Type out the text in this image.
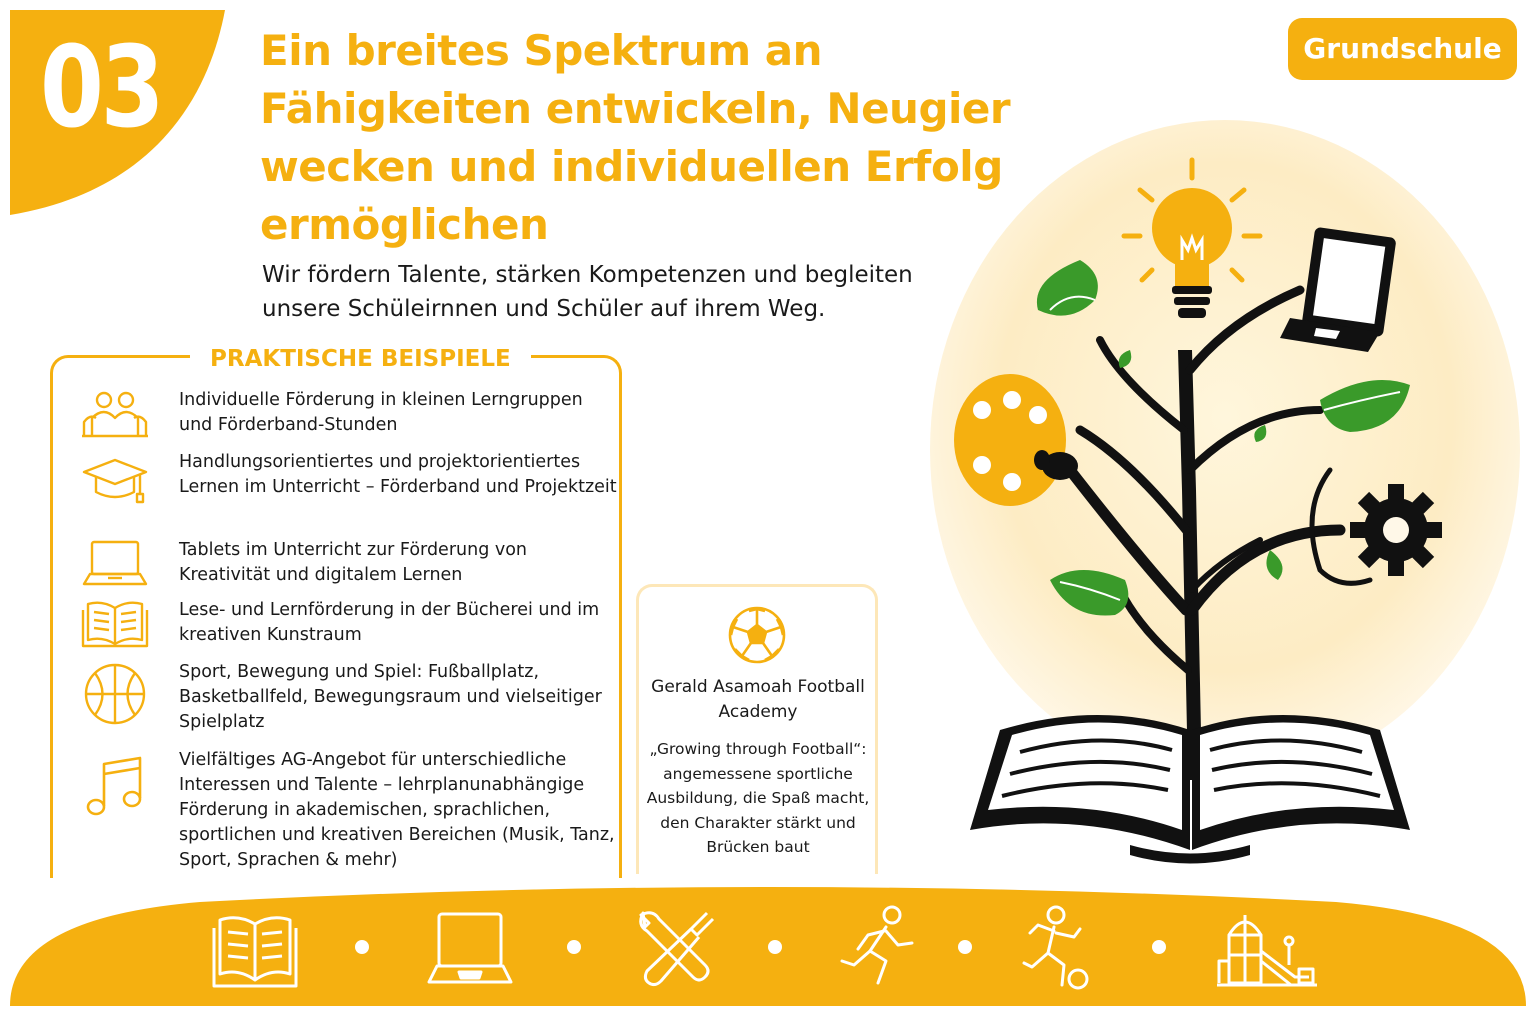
03 Ein breites Spektrum an Fähigkeiten entwickeln, Neugier wecken und individuellen Erfolg ermöglichen

Wir fördern Talente, stärken Kompetenzen und begleiten unsere Schüleirnnen und Schüler auf ihrem Weg.

Grundschule
PRAKTISCHE BEISPIELE

Individuelle Förderung in kleinen Lerngruppen und Förderband-Stunden

Handlungsorientiertes und projektorientiertes Lernen im Unterricht – Förderband und Projektzeit

Tablets im Unterricht zur Förderung von Kreativität und digitalem Lernen

Lese- und Lernförderung in der Bücherei und im kreativen Kunstraum

Sport, Bewegung und Spiel: Fußballplatz, Basketballfeld, Bewegungsraum und vielseitiger Spielplatz

Vielfältiges AG-Angebot für unterschiedliche Interessen und Talente – lehrplanunabhängige Förderung in akademischen, sprachlichen, sportlichen und kreativen Bereichen (Musik, Tanz, Sport, Sprachen & mehr)

Gerald Asamoah Football Academy

„Growing through Football“: angemessene sportliche Ausbildung, die Spaß macht, den Charakter stärkt und Brücken baut
